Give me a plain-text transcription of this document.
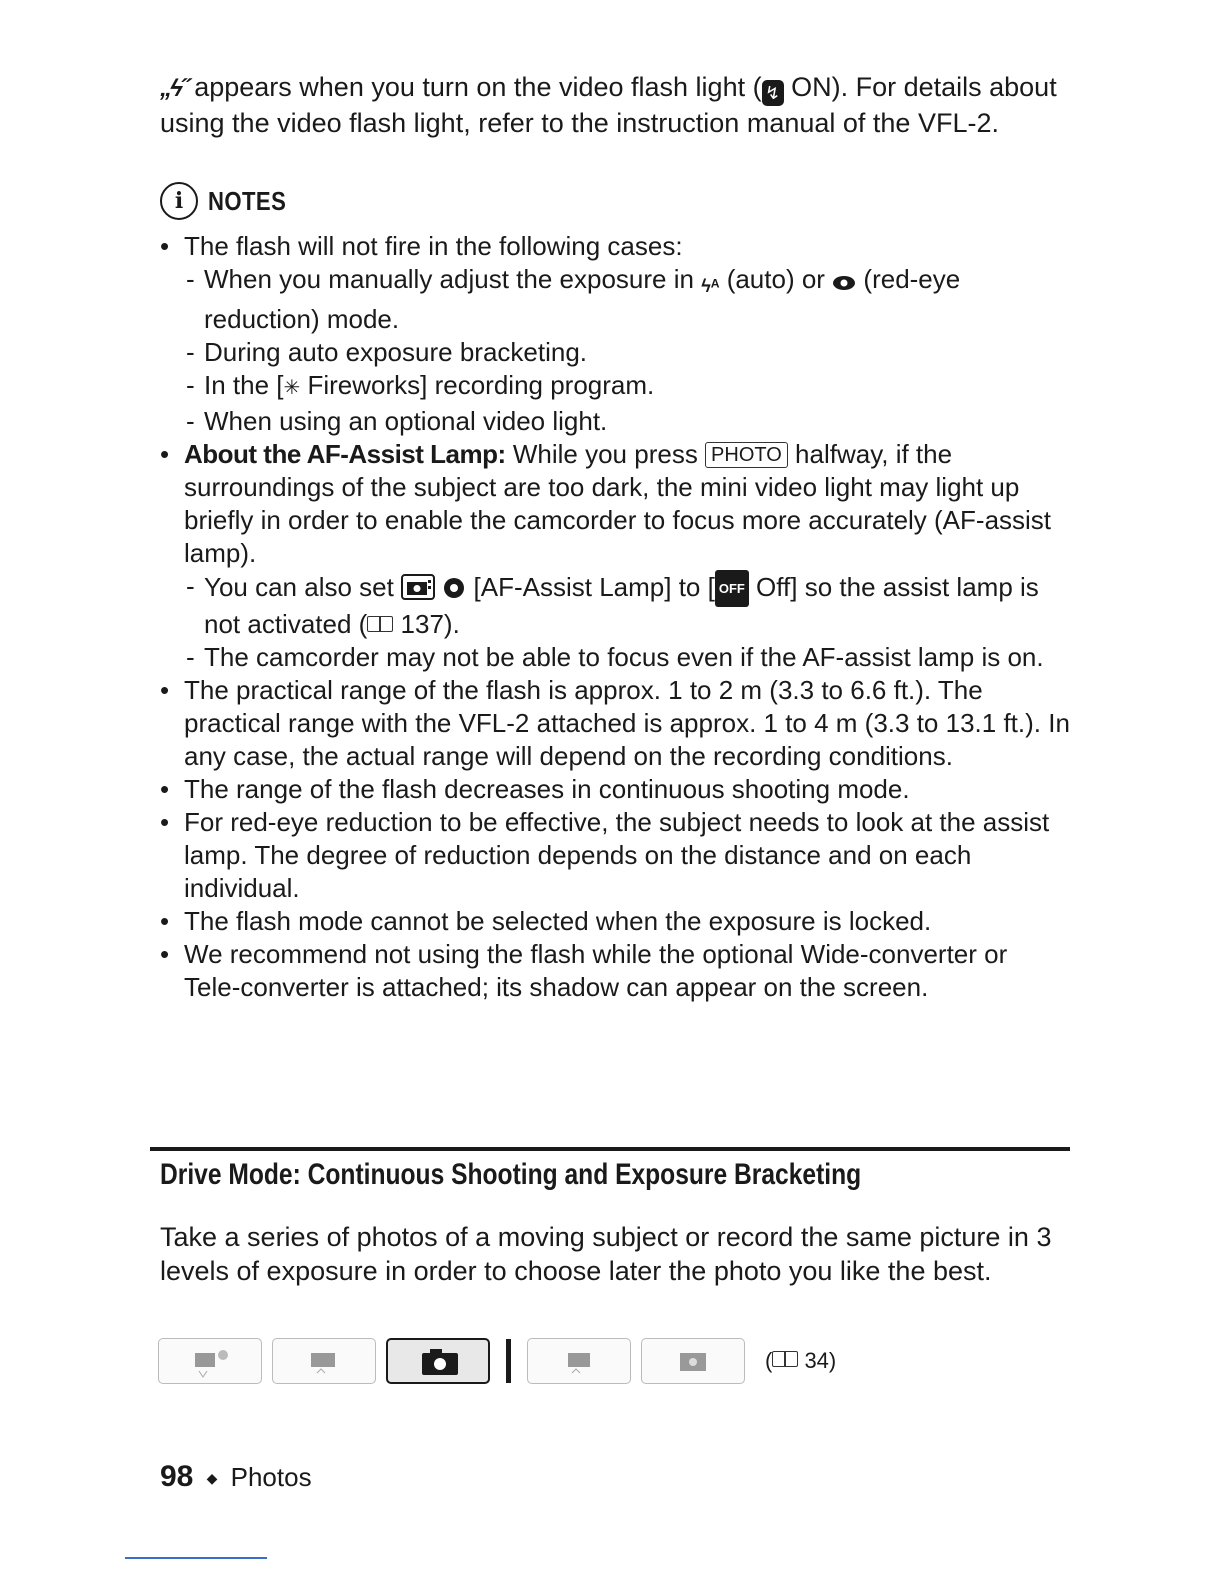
„ϟ˝ appears when you turn on the video flash light ( ↯ ON). For details about using the video flash light, refer to the instruction manual of the VFL-2.

i NOTES
• The flash will not fire in the following cases:
- When you manually adjust the exposure in ϟᴬ (auto) or  (red-eye reduction) mode.
- During auto exposure bracketing.
- In the [✳︎ Fireworks] recording program.
- When using an optional video light.
• About the AF-Assist Lamp: While you press PHOTO halfway, if the surroundings of the subject are too dark, the mini video light may light up briefly in order to enable the camcorder to focus more accurately (AF-assist lamp).
- You can also set	[AF-Assist Lamp] to [ OFF Off] so the assist lamp is not activated ( 137).
- The camcorder may not be able to focus even if the AF-assist lamp is on.
• The practical range of the flash is approx. 1 to 2 m (3.3 to 6.6 ft.). The practical range with the VFL-2 attached is approx. 1 to 4 m (3.3 to 13.1 ft.). In any case, the actual range will depend on the recording conditions.
• The range of the flash decreases in continuous shooting mode.
• For red-eye reduction to be effective, the subject needs to look at the assist lamp. The degree of reduction depends on the distance and on each individual.
• The flash mode cannot be selected when the exposure is locked.
• We recommend not using the flash while the optional Wide-converter or Tele-converter is attached; its shadow can appear on the screen.
Drive Mode: Continuous Shooting and Exposure Bracketing

Take a series of photos of a moving subject or record the same picture in 3 levels of exposure in order to choose later the photo you like the best.

( 34)
98 ◆ Photos
